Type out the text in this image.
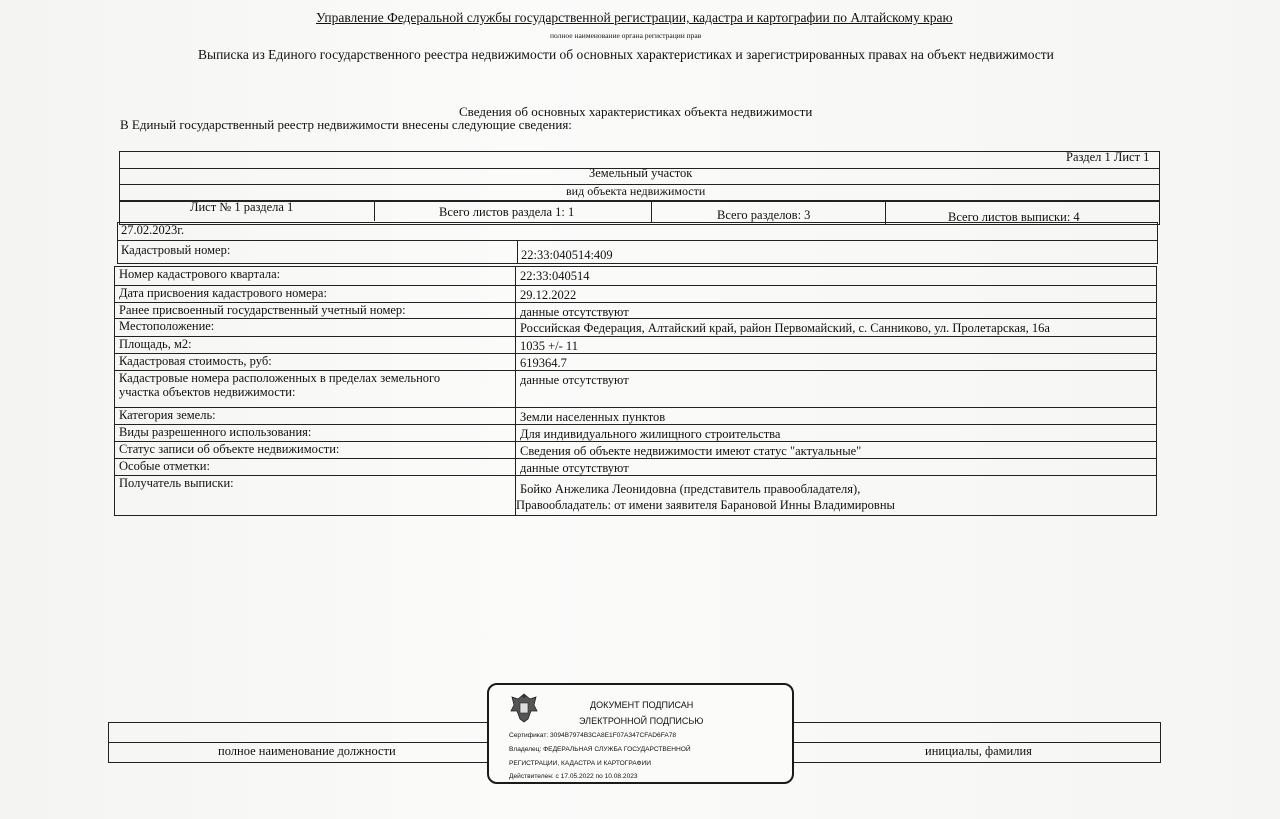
Управление Федеральной службы государственной регистрации, кадастра и картографии по Алтайскому краю
полное наименование органа регистрации прав
Выписка из Единого государственного реестра недвижимости об основных характеристиках и зарегистрированных правах на объект недвижимости
Сведения об основных характеристиках объекта недвижимости
В Единый государственный реестр недвижимости внесены следующие сведения:
Раздел 1 Лист 1
Земельный участок
вид объекта недвижимости
Лист № 1 раздела 1	Всего листов раздела 1: 1	Всего разделов: 3	Всего листов выписки: 4
27.02.2023г.
Кадастровый номер:	22:33:040514:409
Номер кадастрового квартала:	22:33:040514
Дата присвоения кадастрового номера:	29.12.2022
Ранее присвоенный государственный учетный номер:	данные отсутствуют
Местоположение:	Российская Федерация, Алтайский край, район Первомайский, с. Санниково, ул. Пролетарская, 16а
Площадь, м2:	1035 +/- 11
Кадастровая стоимость, руб:	619364.7
Кадастровые номера расположенных в пределах земельного
участка объектов недвижимости:
данные отсутствуют
Категория земель:	Земли населенных пунктов
Виды разрешенного использования:	Для индивидуального жилищного строительства
Статус записи об объекте недвижимости:	Сведения об объекте недвижимости имеют статус "актуальные"
Особые отметки:	данные отсутствуют
Получатель выписки:	Бойко Анжелика Леонидовна (представитель правообладателя),
Правообладатель: от имени заявителя Барановой Инны Владимировны
полное наименование должности	инициалы, фамилия
ДОКУМЕНТ ПОДПИСАН
ЭЛЕКТРОННОЙ ПОДПИСЬЮ
Сертификат: 3094B7974B3CA8E1F07A347CFAD6FA78
Владелец: ФЕДЕРАЛЬНАЯ СЛУЖБА ГОСУДАРСТВЕННОЙ
РЕГИСТРАЦИИ, КАДАСТРА И КАРТОГРАФИИ
Действителен: с 17.05.2022 по 10.08.2023
